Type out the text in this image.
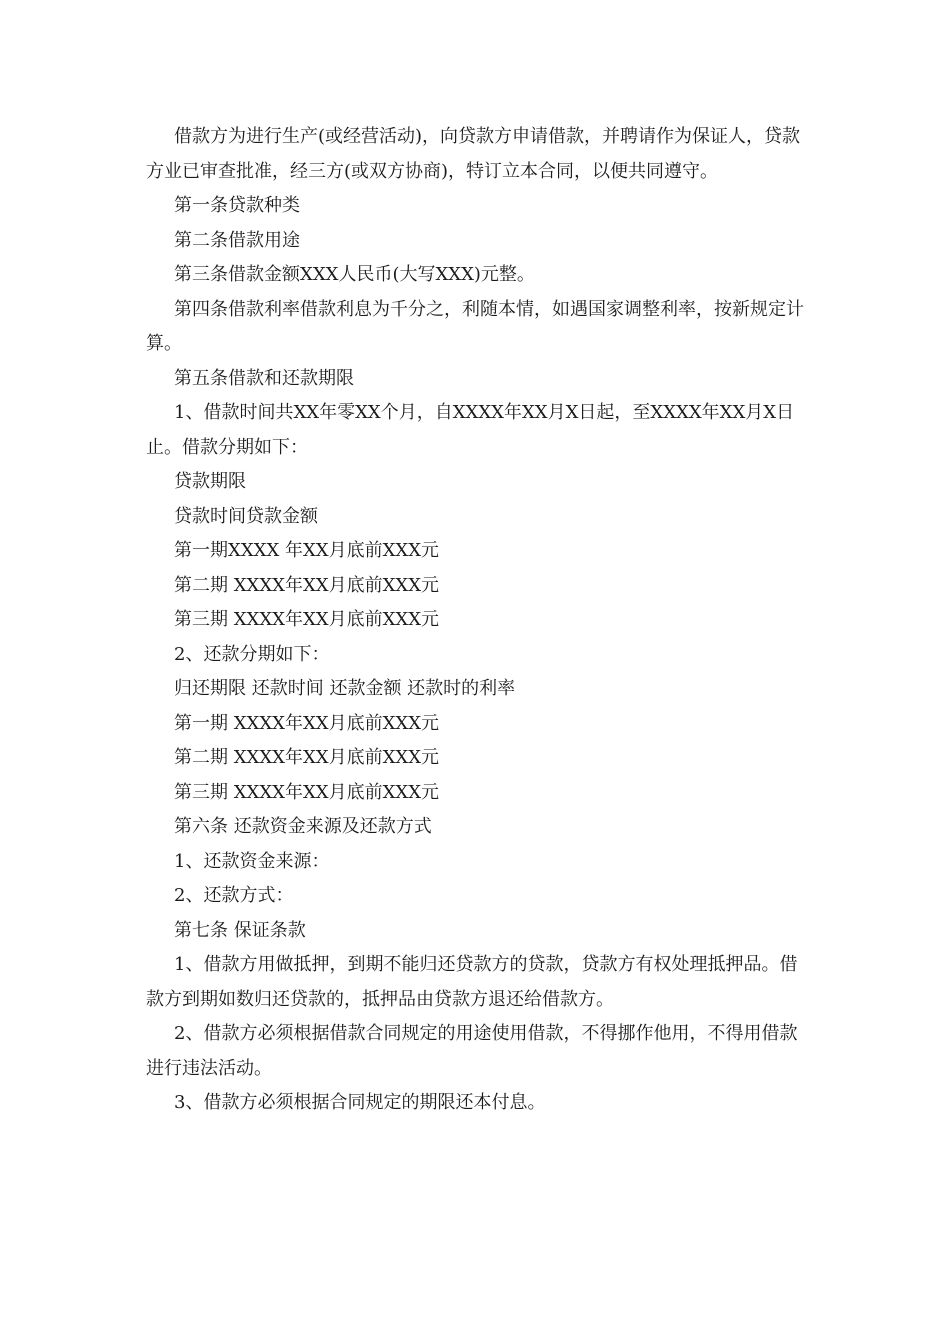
借款方为进行生产(或经营活动)，向贷款方申请借款，并聘请作为保证人，贷款方业已审查批准，经三方(或双方协商)，特订立本合同，以便共同遵守。

第一条贷款种类

第二条借款用途

第三条借款金额XXX人民币(大写XXX)元整。

第四条借款利率借款利息为千分之，利随本情，如遇国家调整利率，按新规定计算。

第五条借款和还款期限

1、借款时间共XX年零XX个月，自XXXX年XX月X日起，至XXXX年XX月X日止。借款分期如下：

贷款期限

贷款时间贷款金额

第一期XXXX 年XX月底前XXX元

第二期 XXXX年XX月底前XXX元

第三期 XXXX年XX月底前XXX元

2、还款分期如下：

归还期限 还款时间 还款金额 还款时的利率

第一期 XXXX年XX月底前XXX元

第二期 XXXX年XX月底前XXX元

第三期 XXXX年XX月底前XXX元

第六条 还款资金来源及还款方式

1、还款资金来源：

2、还款方式：

第七条 保证条款

1、借款方用做抵押，到期不能归还贷款方的贷款，贷款方有权处理抵押品。借款方到期如数归还贷款的，抵押品由贷款方退还给借款方。

2、借款方必须根据借款合同规定的用途使用借款，不得挪作他用，不得用借款进行违法活动。

3、借款方必须根据合同规定的期限还本付息。
